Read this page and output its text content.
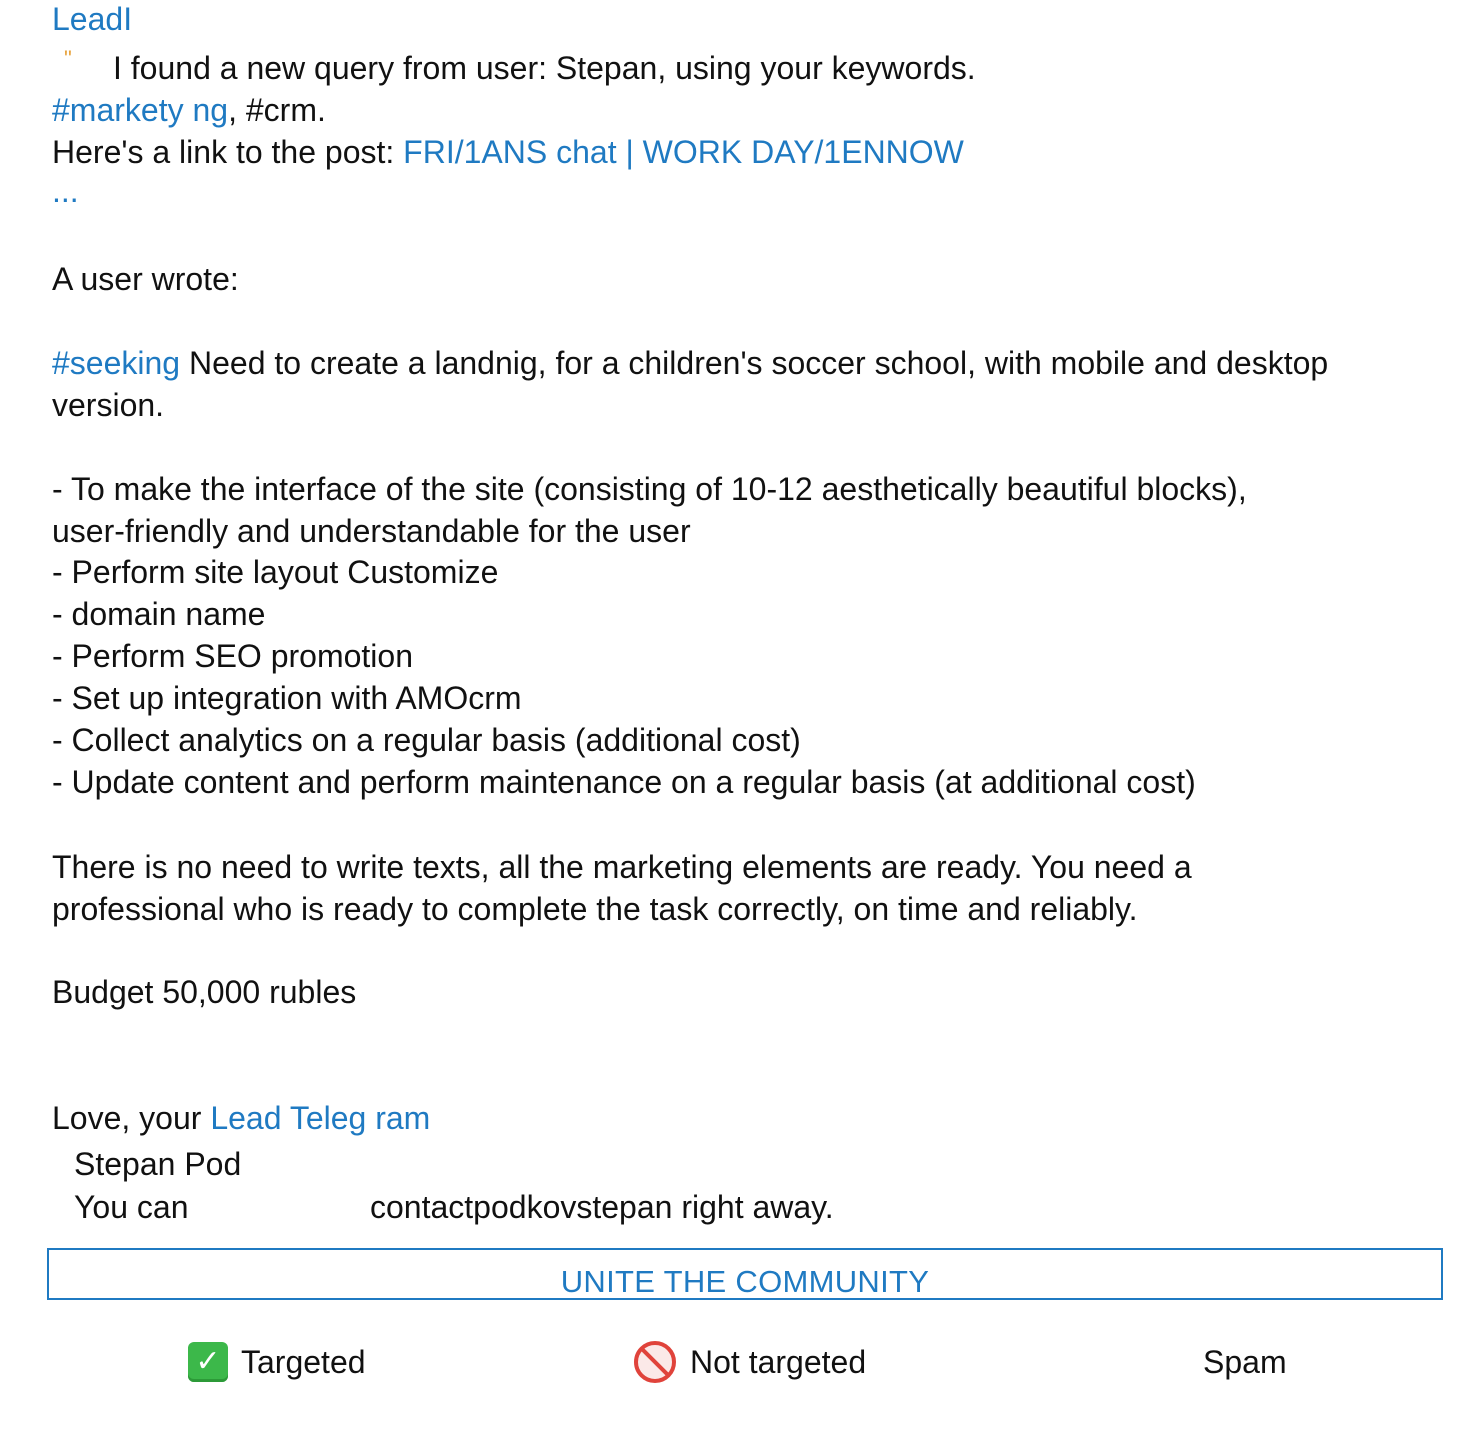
LeadI
" I found a new query from user: Stepan, using your keywords.
#markety ng, #crm.
Here's a link to the post: FRI/1ANS chat | WORK DAY/1ENNOW
...
A user wrote:
#seeking Need to create a landnig, for a children's soccer school, with mobile and desktop
version.
- To make the interface of the site (consisting of 10-12 aesthetically beautiful blocks),
user-friendly and understandable for the user
- Perform site layout Customize
- domain name
- Perform SEO promotion
- Set up integration with AMOcrm
- Collect analytics on a regular basis (additional cost)
- Update content and perform maintenance on a regular basis (at additional cost)
There is no need to write texts, all the marketing elements are ready. You need a
professional who is ready to complete the task correctly, on time and reliably.
Budget 50,000 rubles
Love, your Lead Teleg ram
Stepan Pod
You can	contactpodkovstepan right away.
UNITE THE COMMUNITY
✓ Targeted	Not targeted	Spam
